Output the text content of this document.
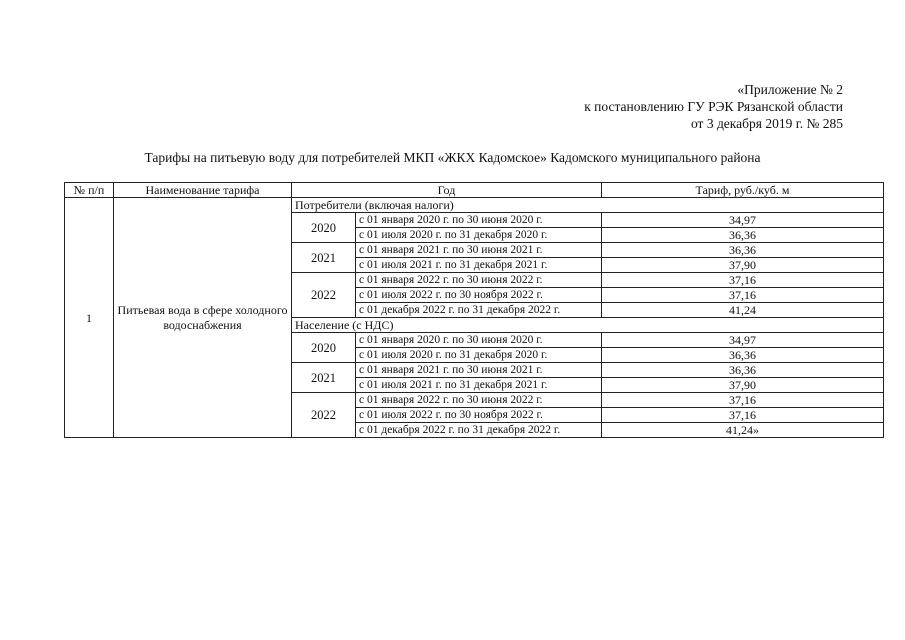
«Приложение № 2
к постановлению ГУ РЭК Рязанской области
от 3 декабря 2019 г. № 285
Тарифы на питьевую воду для потребителей МКП «ЖКХ Кадомское» Кадомского муниципального района
№ п/п	Наименование тарифа	Год		Тариф, руб./куб. м
1	Питьевая вода в сфере холодного водоснабжения	Потребители (включая налоги)		
		2020	с 01 января 2020 г. по 30 июня 2020 г.	34,97
			с 01 июля 2020 г. по 31 декабря 2020 г.	36,36
		2021	с 01 января 2021 г. по 30 июня 2021 г.	36,36
			с 01 июля 2021 г. по 31 декабря 2021 г.	37,90
		2022	с 01 января 2022 г. по 30 июня 2022 г.	37,16
			с 01 июля 2022 г. по 30 ноября 2022 г.	37,16
			с 01 декабря 2022 г. по 31 декабря 2022 г.	41,24
		Население (с НДС)		
		2020	с 01 января 2020 г. по 30 июня 2020 г.	34,97
			с 01 июля 2020 г. по 31 декабря 2020 г.	36,36
		2021	с 01 января 2021 г. по 30 июня 2021 г.	36,36
			с 01 июля 2021 г. по 31 декабря 2021 г.	37,90
		2022	с 01 января 2022 г. по 30 июня 2022 г.	37,16
			с 01 июля 2022 г. по 30 ноября 2022 г.	37,16
			с 01 декабря 2022 г. по 31 декабря 2022 г.	41,24»
